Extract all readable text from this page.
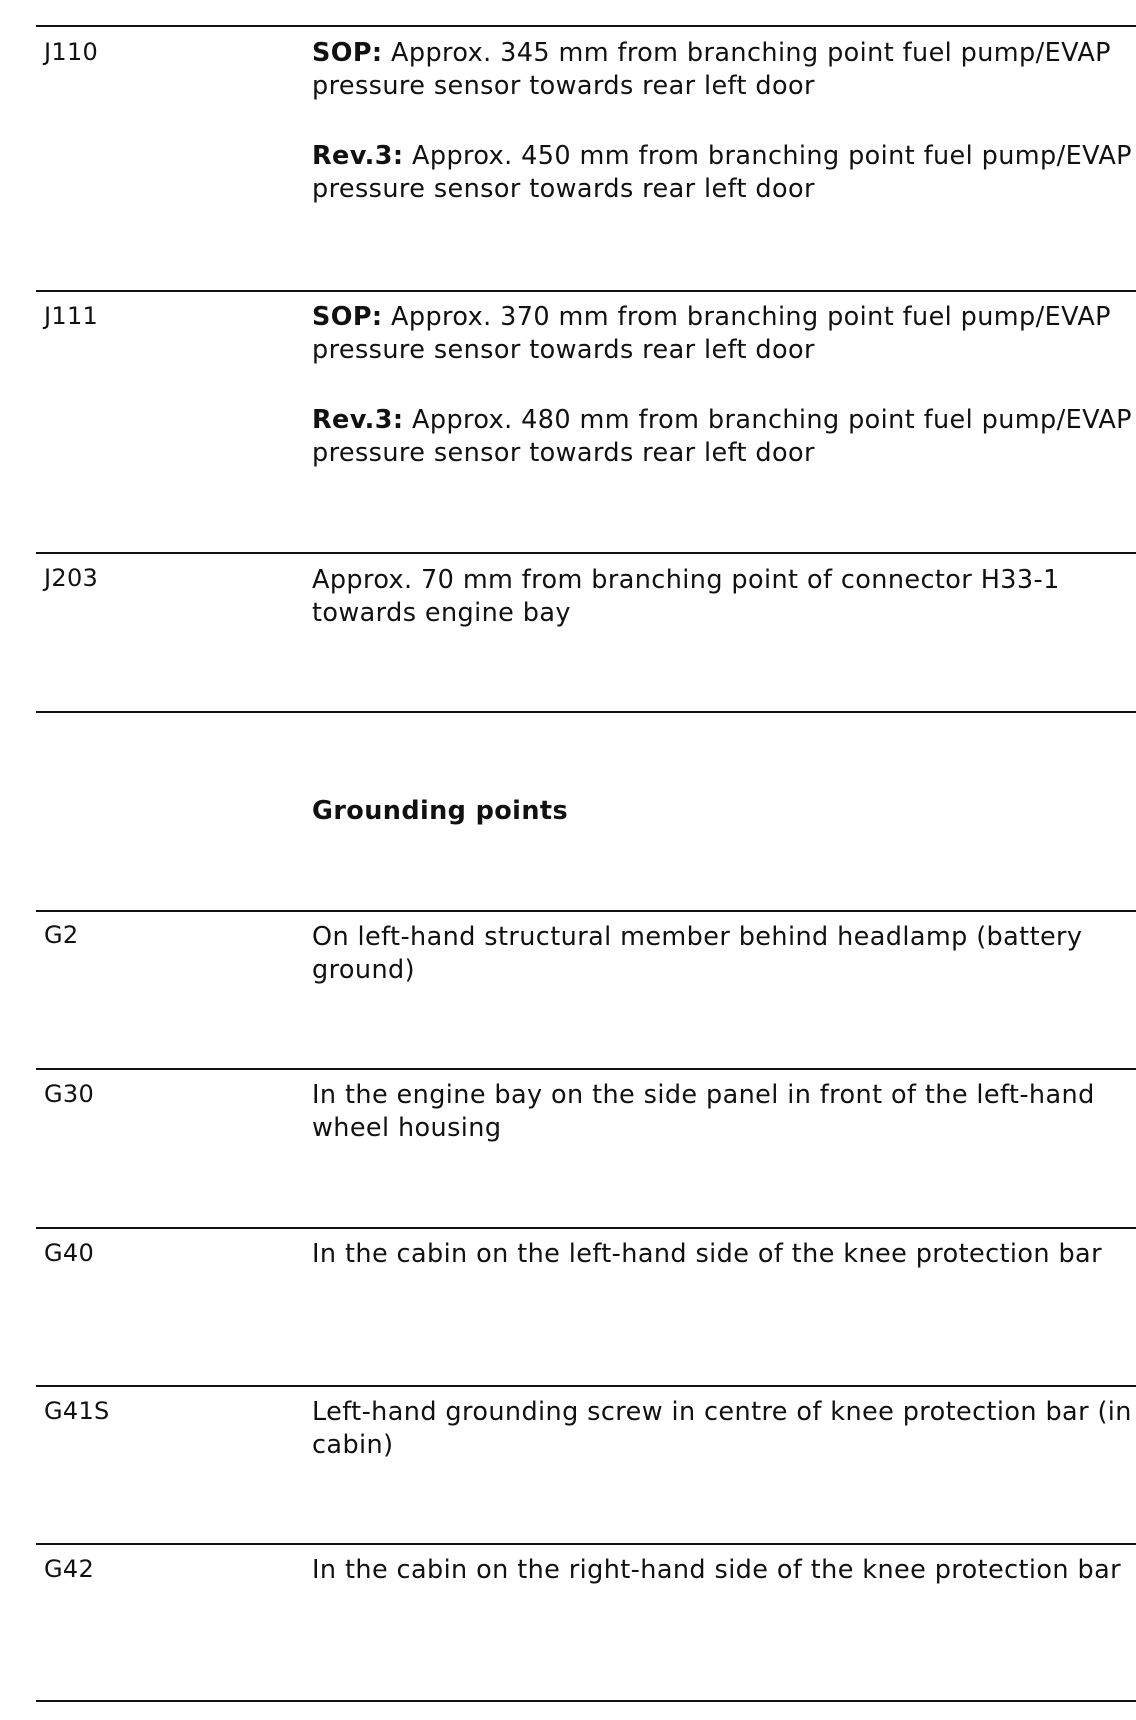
J110	SOP: Approx. 345 mm from branching point fuel pump/EVAP pressure sensor towards rear left door

Rev.3: Approx. 450 mm from branching point fuel pump/EVAP pressure sensor towards rear left door

J111	SOP: Approx. 370 mm from branching point fuel pump/EVAP pressure sensor towards rear left door

Rev.3: Approx. 480 mm from branching point fuel pump/EVAP pressure sensor towards rear left door

J203	Approx. 70 mm from branching point of connector H33-1 towards engine bay

Grounding points
G2	On left-hand structural member behind headlamp (battery ground)

G30	In the engine bay on the side panel in front of the left-hand wheel housing

G40	In the cabin on the left-hand side of the knee protection bar

G41S	Left-hand grounding screw in centre of knee protection bar (in cabin)

G42	In the cabin on the right-hand side of the knee protection bar
